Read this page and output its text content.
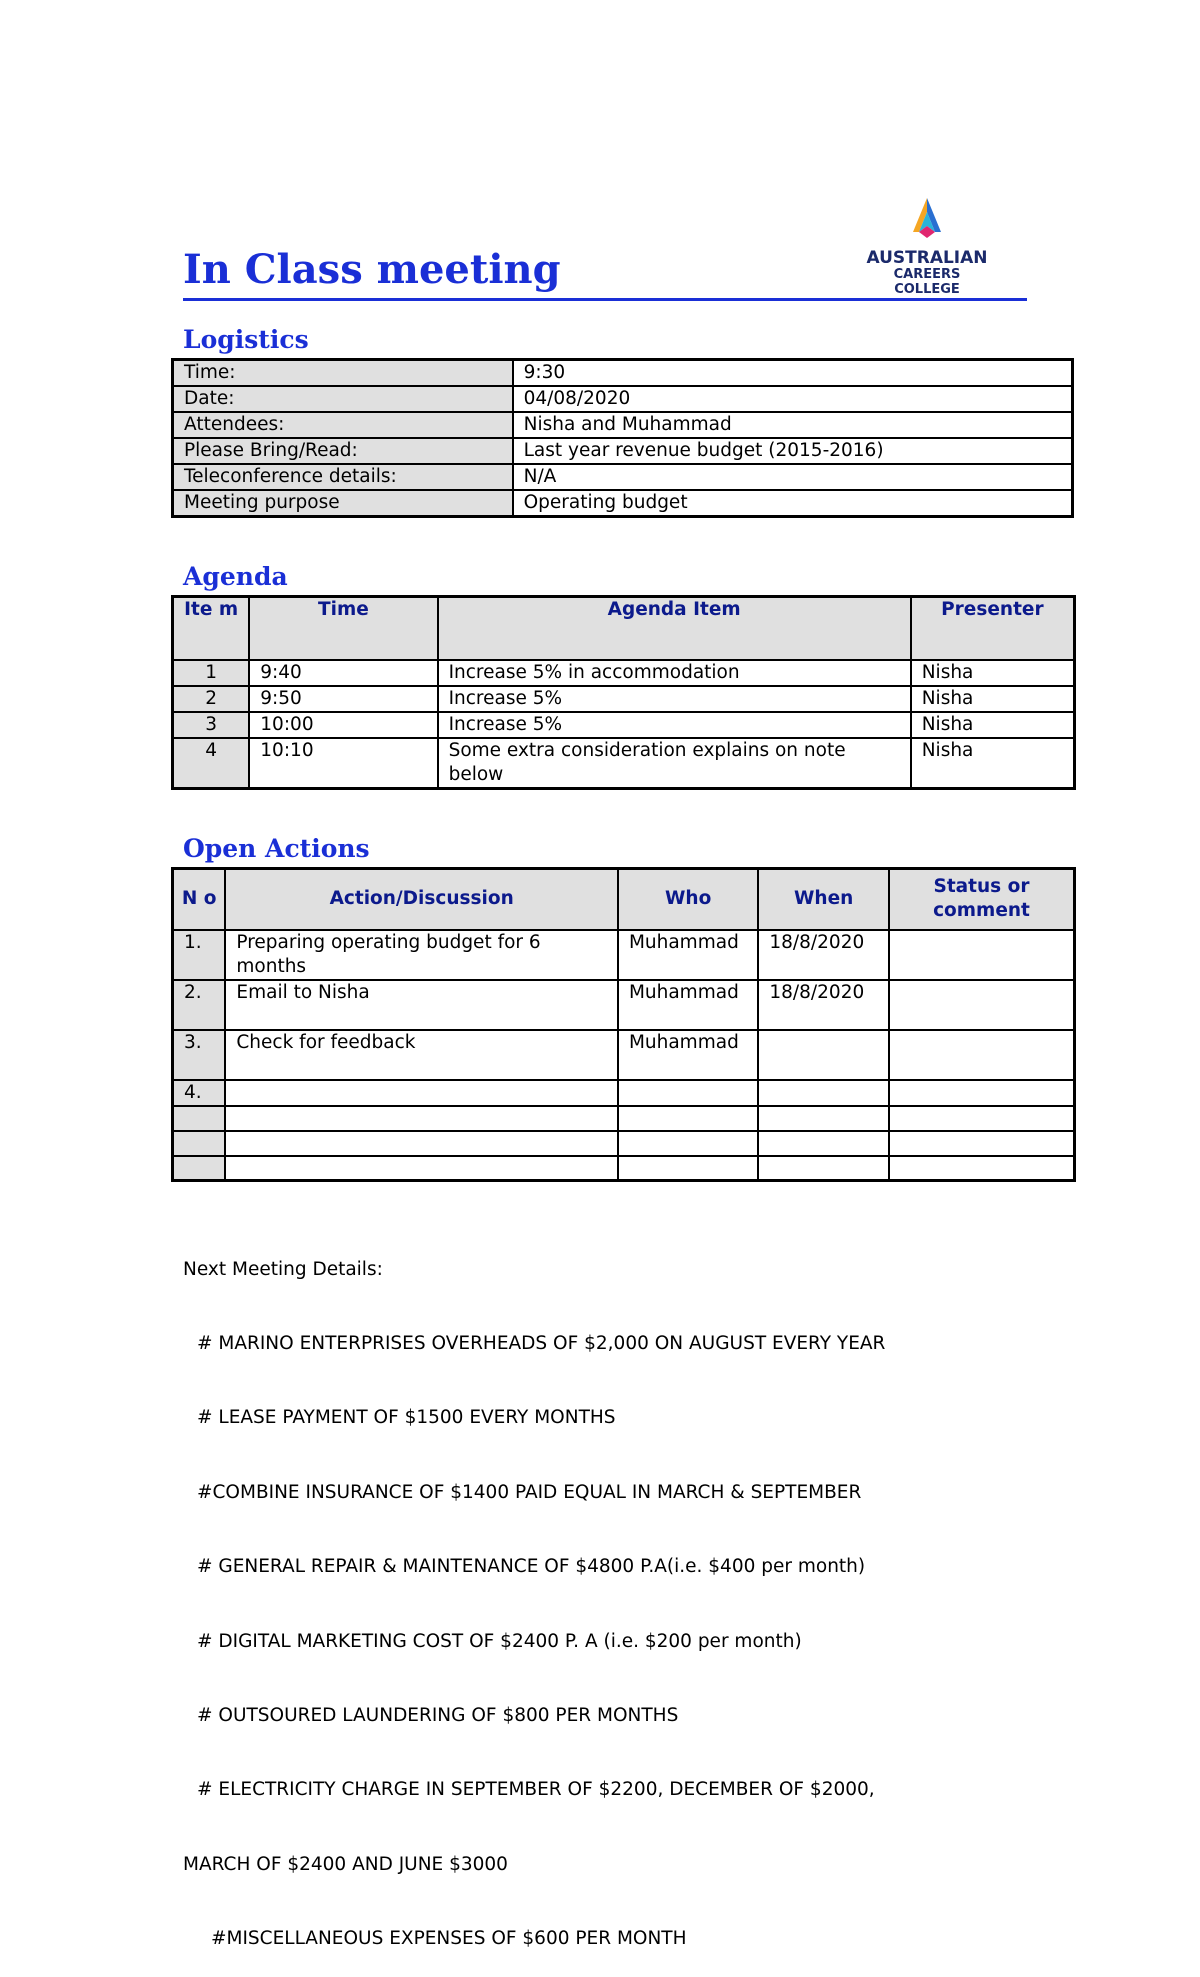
In Class meeting	AUSTRALIAN
CAREERS COLLEGE
Logistics
Time:	9:30
Date:	04/08/2020
Attendees:	Nisha and Muhammad
Please Bring/Read:	Last year revenue budget (2015-2016)
Teleconference details:	N/A
Meeting purpose	Operating budget
Agenda
Ite m	Time	Agenda Item	Presenter
1	9:40	Increase 5% in accommodation	Nisha
2	9:50	Increase 5%	Nisha
3	10:00	Increase 5%	Nisha
4	10:10	Some extra consideration explains on note below	Nisha
Open Actions
N o	Action/Discussion	Who	When	Status or comment
1.	Preparing operating budget for 6 months	Muhammad	18/8/2020	
2.	Email to Nisha	Muhammad	18/8/2020	
3.	Check for feedback	Muhammad		
4.				

Next Meeting Details:

# MARINO ENTERPRISES OVERHEADS OF $2,000 ON AUGUST EVERY YEAR

# LEASE PAYMENT OF $1500 EVERY MONTHS

#COMBINE INSURANCE OF $1400 PAID EQUAL IN MARCH & SEPTEMBER

# GENERAL REPAIR & MAINTENANCE OF $4800 P.A(i.e. $400 per month)

# DIGITAL MARKETING COST OF $2400 P. A (i.e. $200 per month)

# OUTSOURED LAUNDERING OF $800 PER MONTHS

# ELECTRICITY CHARGE IN SEPTEMBER OF $2200, DECEMBER OF $2000,

MARCH OF $2400 AND JUNE $3000

#MISCELLANEOUS EXPENSES OF $600 PER MONTH
